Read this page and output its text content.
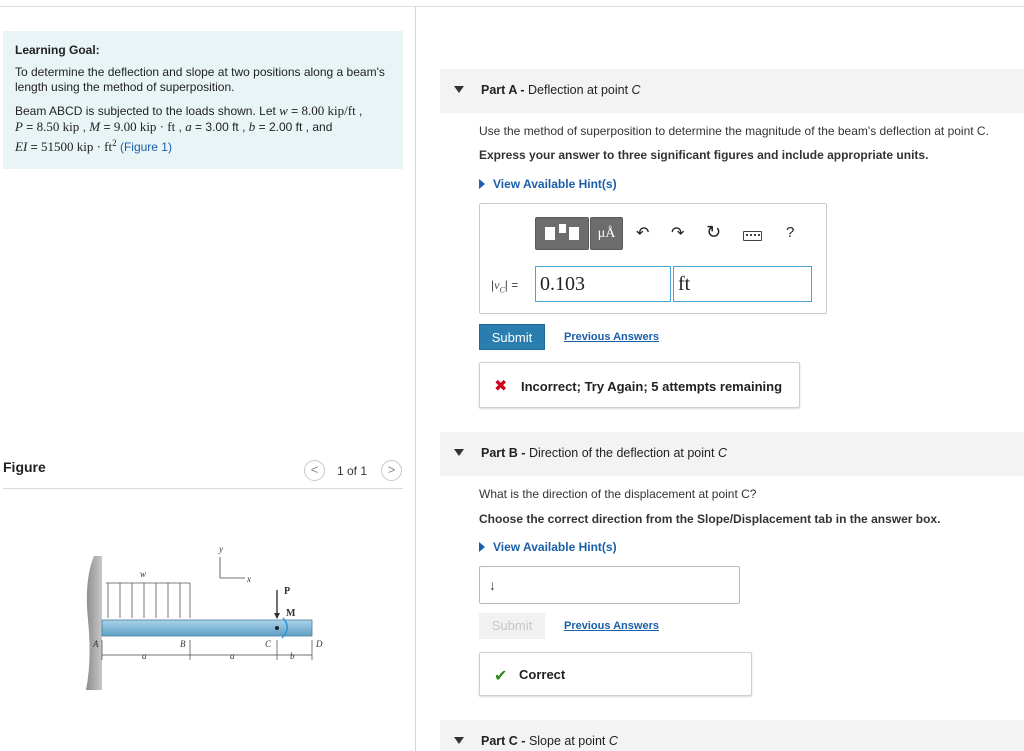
Learning Goal:
To determine the deflection and slope at two positions along a beam's length using the method of superposition.
Beam ABCD is subjected to the loads shown. Let w = 8.00 kip/ft ,
P = 8.50 kip , M = 9.00 kip · ft , a = 3.00 ft , b = 2.00 ft , and
EI = 51500 kip · $ft^2$ (Figure 1)
Figure	<	1 of 1	>
w
y
x
P
M
A	B	C	D
a	a	b
Part A - Deflection at point C
Use the method of superposition to determine the magnitude of the beam's deflection at point C.
Express your answer to three significant figures and include appropriate units.
View Available Hint(s)
μÅ	↶ ↷ ↻	?
$|v_C| = 0.103$	ft
Submit	Previous Answers
✖ Incorrect; Try Again; 5 attempts remaining
Part B - Direction of the deflection at point C
What is the direction of the displacement at point C?
Choose the correct direction from the Slope/Displacement tab in the answer box.
View Available Hint(s)
↓
Submit	Previous Answers
✔ Correct
Part C - Slope at point C
